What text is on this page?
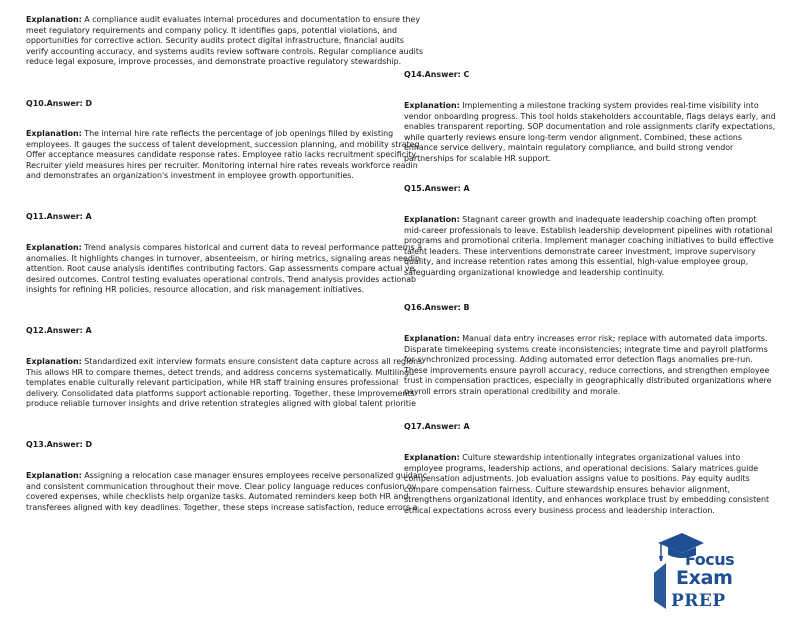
Explanation: A compliance audit evaluates internal procedures and documentation to ensure they
meet regulatory requirements and company policy. It identifies gaps, potential violations, and
opportunities for corrective action. Security audits protect digital infrastructure, financial audits
verify accounting accuracy, and systems audits review software controls. Regular compliance audits
reduce legal exposure, improve processes, and demonstrate proactive regulatory stewardship.

Q10.Answer: D

Explanation: The internal hire rate reflects the percentage of job openings filled by existing
employees. It gauges the success of talent development, succession planning, and mobility strateg
Offer acceptance measures candidate response rates. Employee ratio lacks recruitment specificity.
Recruiter yield measures hires per recruiter. Monitoring internal hire rates reveals workforce readin
and demonstrates an organization's investment in employee growth opportunities.

Q11.Answer: A

Explanation: Trend analysis compares historical and current data to reveal performance patterns a
anomalies. It highlights changes in turnover, absenteeism, or hiring metrics, signaling areas needin
attention. Root cause analysis identifies contributing factors. Gap assessments compare actual ve
desired outcomes. Control testing evaluates operational controls. Trend analysis provides actionab
insights for refining HR policies, resource allocation, and risk management initiatives.

Q12.Answer: A

Explanation: Standardized exit interview formats ensure consistent data capture across all regions
This allows HR to compare themes, detect trends, and address concerns systematically. Multilingu
templates enable culturally relevant participation, while HR staff training ensures professional
delivery. Consolidated data platforms support actionable reporting. Together, these improvements
produce reliable turnover insights and drive retention strategies aligned with global talent prioritie

Q13.Answer: D

Explanation: Assigning a relocation case manager ensures employees receive personalized guidanc
and consistent communication throughout their move. Clear policy language reduces confusion ov
covered expenses, while checklists help organize tasks. Automated reminders keep both HR and
transferees aligned with key deadlines. Together, these steps increase satisfaction, reduce errors a

Q14.Answer: C

Explanation: Implementing a milestone tracking system provides real-time visibility into vendor onboarding progress. This tool holds stakeholders accountable, flags delays early, and enables transparent reporting. SOP documentation and role assignments clarify expectations, while quarterly reviews ensure long-term vendor alignment. Combined, these actions enhance service delivery, maintain regulatory compliance, and build strong vendor partnerships for scalable HR support.

Q15.Answer: A

Explanation: Stagnant career growth and inadequate leadership coaching often prompt mid-career professionals to leave. Establish leadership development pipelines with rotational programs and promotional criteria. Implement manager coaching initiatives to build effective talent leaders. These interventions demonstrate career investment, improve supervisory quality, and increase retention rates among this essential, high-value employee group, safeguarding organizational knowledge and leadership continuity.

Q16.Answer: B

Explanation: Manual data entry increases error risk; replace with automated data imports. Disparate timekeeping systems create inconsistencies; integrate time and payroll platforms for synchronized processing. Adding automated error detection flags anomalies pre-run. These improvements ensure payroll accuracy, reduce corrections, and strengthen employee trust in compensation practices, especially in geographically distributed organizations where payroll errors strain operational credibility and morale.

Q17.Answer: A

Explanation: Culture stewardship intentionally integrates organizational values into employee programs, leadership actions, and operational decisions. Salary matrices guide compensation adjustments. Job evaluation assigns value to positions. Pay equity audits compare compensation fairness. Culture stewardship ensures behavior alignment, strengthens organizational identity, and enhances workplace trust by embedding consistent ethical expectations across every business process and leadership interaction.

Focus
Exam
PREP
